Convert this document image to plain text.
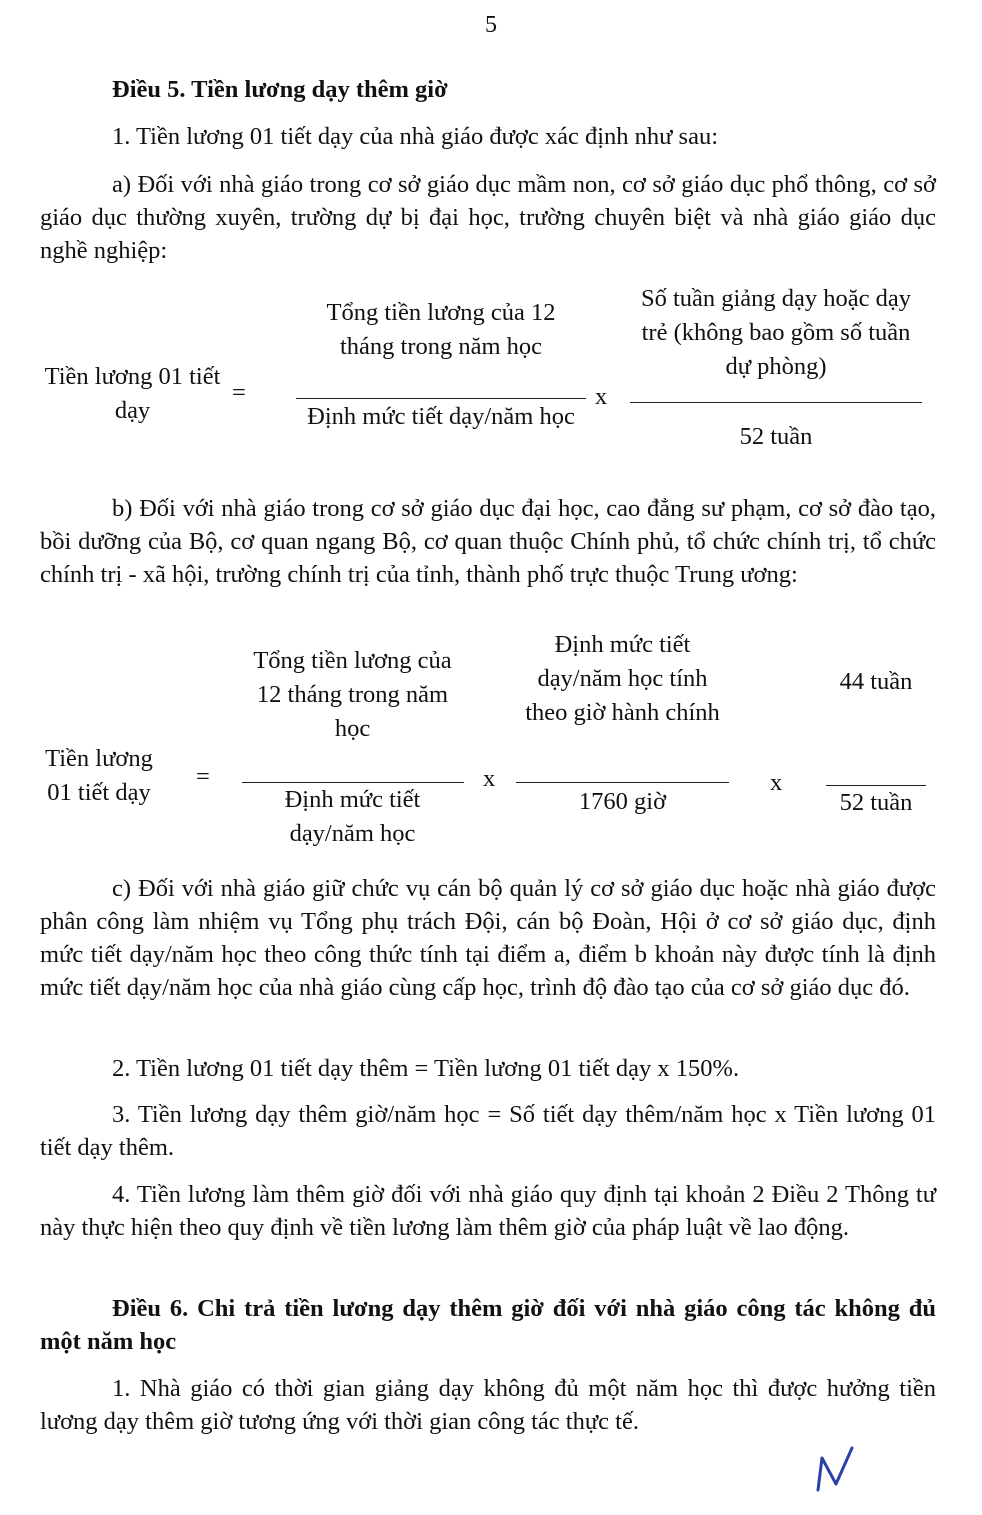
5
Điều 5. Tiền lương dạy thêm giờ

1. Tiền lương 01 tiết dạy của nhà giáo được xác định như sau:

a) Đối với nhà giáo trong cơ sở giáo dục mầm non, cơ sở giáo dục phổ thông, cơ sở giáo dục thường xuyên, trường dự bị đại học, trường chuyên biệt và nhà giáo giáo dục nghề nghiệp:

Tiền lương 01 tiết dạy
=
Tổng tiền lương của 12 tháng trong năm học
Định mức tiết dạy/năm học
x
Số tuần giảng dạy hoặc dạy trẻ (không bao gồm số tuần dự phòng)
52 tuần

b) Đối với nhà giáo trong cơ sở giáo dục đại học, cao đẳng sư phạm, cơ sở đào tạo, bồi dưỡng của Bộ, cơ quan ngang Bộ, cơ quan thuộc Chính phủ, tổ chức chính trị, tổ chức chính trị - xã hội, trường chính trị của tỉnh, thành phố trực thuộc Trung ương:

Tiền lương 01 tiết dạy
=
Tổng tiền lương của 12 tháng trong năm học
Định mức tiết dạy/năm học
x
Định mức tiết dạy/năm học tính theo giờ hành chính
1760 giờ
x
44 tuần
52 tuần

c) Đối với nhà giáo giữ chức vụ cán bộ quản lý cơ sở giáo dục hoặc nhà giáo được phân công làm nhiệm vụ Tổng phụ trách Đội, cán bộ Đoàn, Hội ở cơ sở giáo dục, định mức tiết dạy/năm học theo công thức tính tại điểm a, điểm b khoản này được tính là định mức tiết dạy/năm học của nhà giáo cùng cấp học, trình độ đào tạo của cơ sở giáo dục đó.

2. Tiền lương 01 tiết dạy thêm = Tiền lương 01 tiết dạy x 150%.

3. Tiền lương dạy thêm giờ/năm học = Số tiết dạy thêm/năm học x Tiền lương 01 tiết dạy thêm.

4. Tiền lương làm thêm giờ đối với nhà giáo quy định tại khoản 2 Điều 2 Thông tư này thực hiện theo quy định về tiền lương làm thêm giờ của pháp luật về lao động.

Điều 6. Chi trả tiền lương dạy thêm giờ đối với nhà giáo công tác không đủ một năm học

1. Nhà giáo có thời gian giảng dạy không đủ một năm học thì được hưởng tiền lương dạy thêm giờ tương ứng với thời gian công tác thực tế.
